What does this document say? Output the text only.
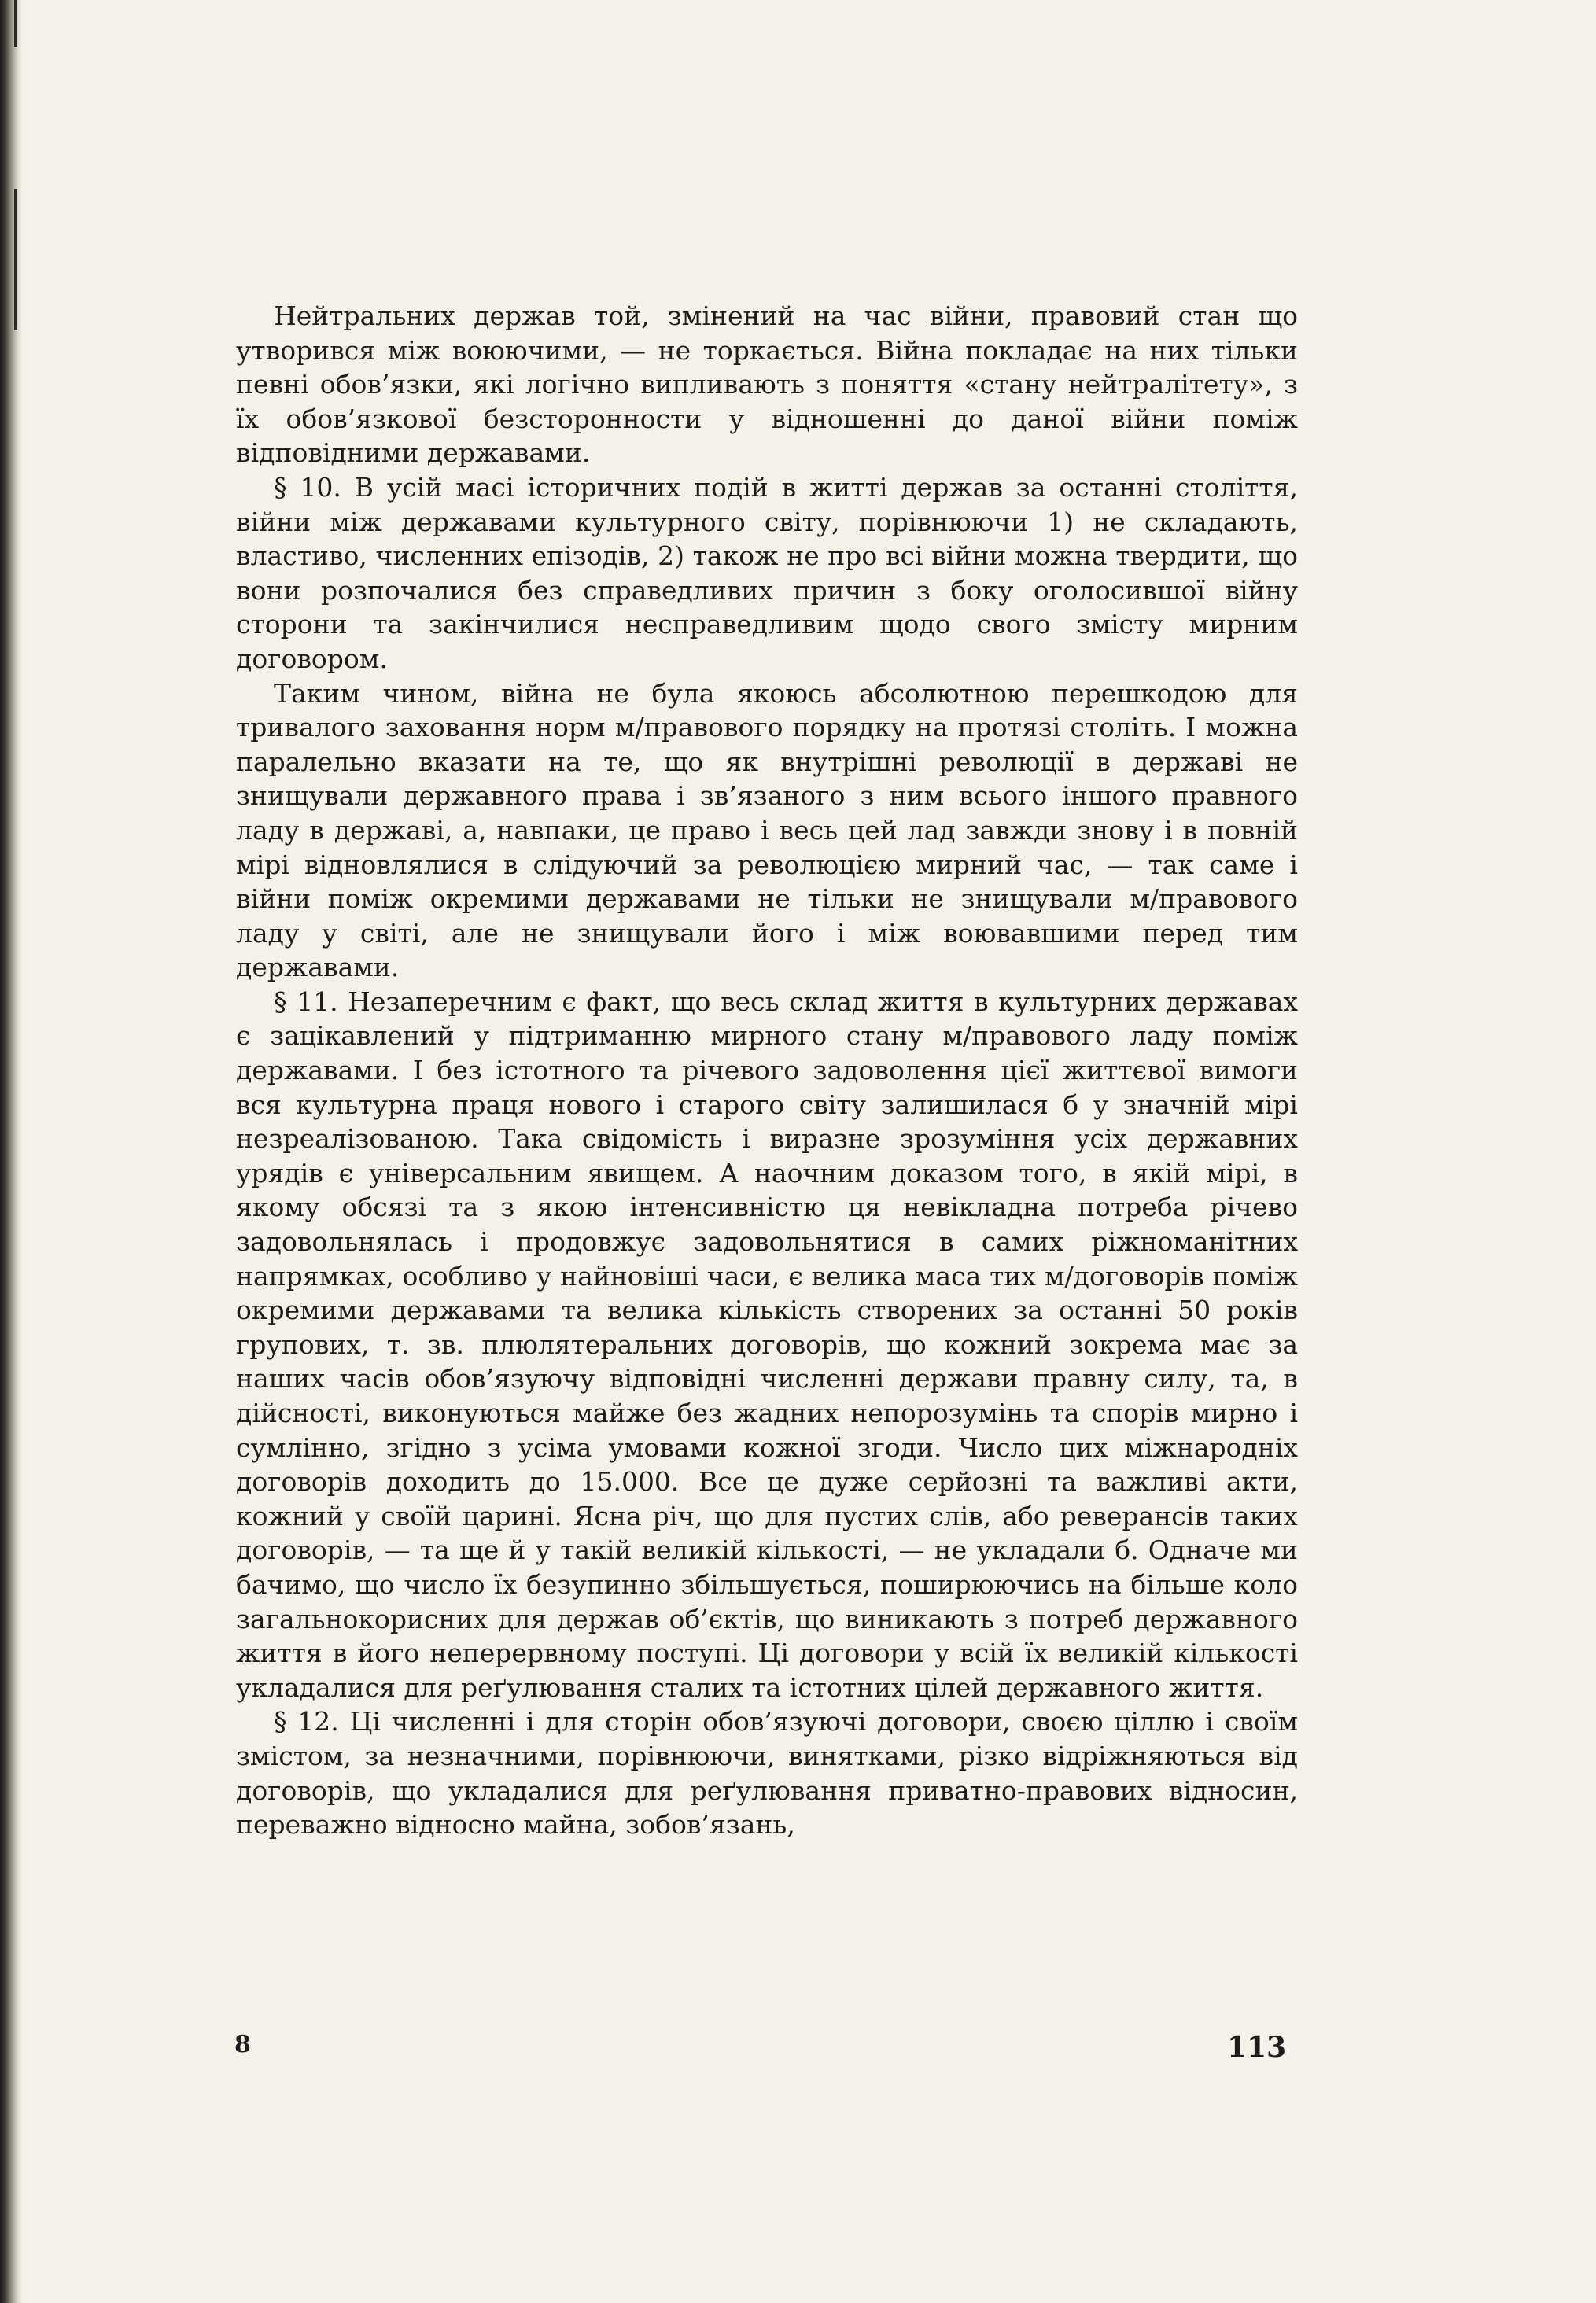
Нейтральних держав той, змінений на час війни, правовий стан що утворився між воюючими, — не торкається. Війна покладає на них тільки певні обов’язки, які логічно випливають з поняття «стану нейтралітету», з їх обов’язкової безсторонности у відношенні до даної війни поміж відповідними державами.

§ 10. В усій масі історичних подій в житті держав за останні століття, війни між державами культурного світу, порівнюючи 1) не складають, властиво, численних епізодів, 2) також не про всі війни можна твердити, що вони розпочалися без справедливих причин з боку оголосившої війну сторони та закінчилися несправедливим щодо свого змісту мирним договором.

Таким чином, війна не була якоюсь абсолютною перешкодою для тривалого заховання норм м/правового порядку на протязі століть. І можна паралельно вказати на те, що як внутрішні революції в державі не знищували державного права і зв’язаного з ним всього іншого правного ладу в державі, а, навпаки, це право і весь цей лад завжди знову і в повній мірі відновлялися в слідуючий за революцією мирний час, — так саме і війни поміж окремими державами не тільки не знищували м/правового ладу у світі, але не знищували його і між воювавшими перед тим державами.

§ 11. Незаперечним є факт, що весь склад життя в культурних державах є зацікавлений у підтриманню мирного стану м/правового ладу поміж державами. І без істотного та річевого задоволення цієї життєвої вимоги вся культурна праця нового і старого світу залишилася б у значній мірі незреалізованою. Така свідомість і виразне зрозуміння усіх державних урядів є універсальним явищем. А наочним доказом того, в якій мірі, в якому обсязі та з якою інтенсивністю ця невікладна потреба річево задовольнялась і продовжує задовольнятися в самих ріжноманітних напрямках, особливо у найновіші часи, є велика маса тих м/договорів поміж окремими державами та велика кількість створених за останні 50 років групових, т. зв. плюлятеральних договорів, що кожний зокрема має за наших часів обов’язуючу відповідні численні держави правну силу, та, в дійсності, виконуються майже без жадних непорозумінь та спорів мирно і сумлінно, згідно з усіма умовами кожної згоди. Число цих міжнародніх договорів доходить до 15.000. Все це дуже серйозні та важливі акти, кожний у своїй царині. Ясна річ, що для пустих слів, або реверансів таких договорів, — та ще й у такій великій кількості, — не укладали б. Одначе ми бачимо, що число їх безупинно збільшується, поширюючись на більше коло загальнокорисних для держав об’єктів, що виникають з потреб державного життя в його неперервному поступі. Ці договори у всій їх великій кількості укладалися для реґулювання сталих та істотних цілей державного життя.

§ 12. Ці численні і для сторін обов’язуючі договори, своєю ціллю і своїм змістом, за незначними, порівнюючи, винятками, різко відріжняються від договорів, що укладалися для реґулювання приватно-правових відносин, переважно відносно майна, зобов’язань,

8	113
